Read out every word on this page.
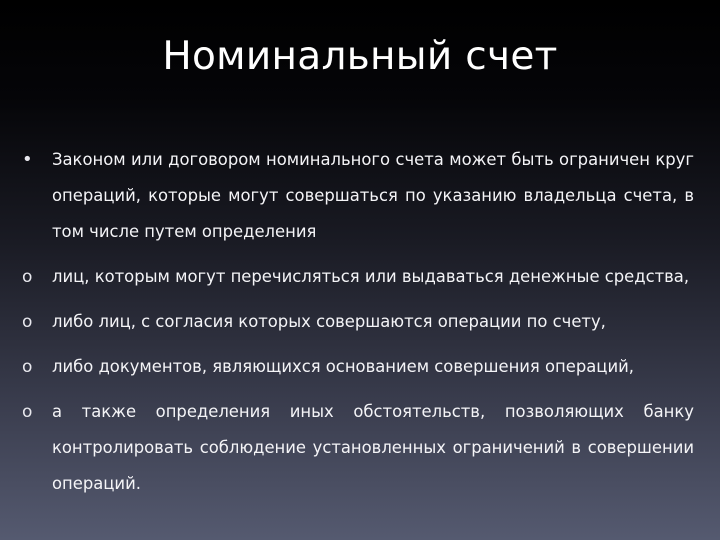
Номинальный счет
•	Законом или договором номинального счета может быть ограничен круг операций, которые могут совершаться по указанию владельца счета, в том числе путем определения
o	лиц, которым могут перечисляться или выдаваться денежные средства,
o	либо лиц, с согласия которых совершаются операции по счету,
o	либо документов, являющихся основанием совершения операций,
o	а также определения иных обстоятельств, позволяющих банку контролировать соблюдение установленных ограничений в совершении операций.
